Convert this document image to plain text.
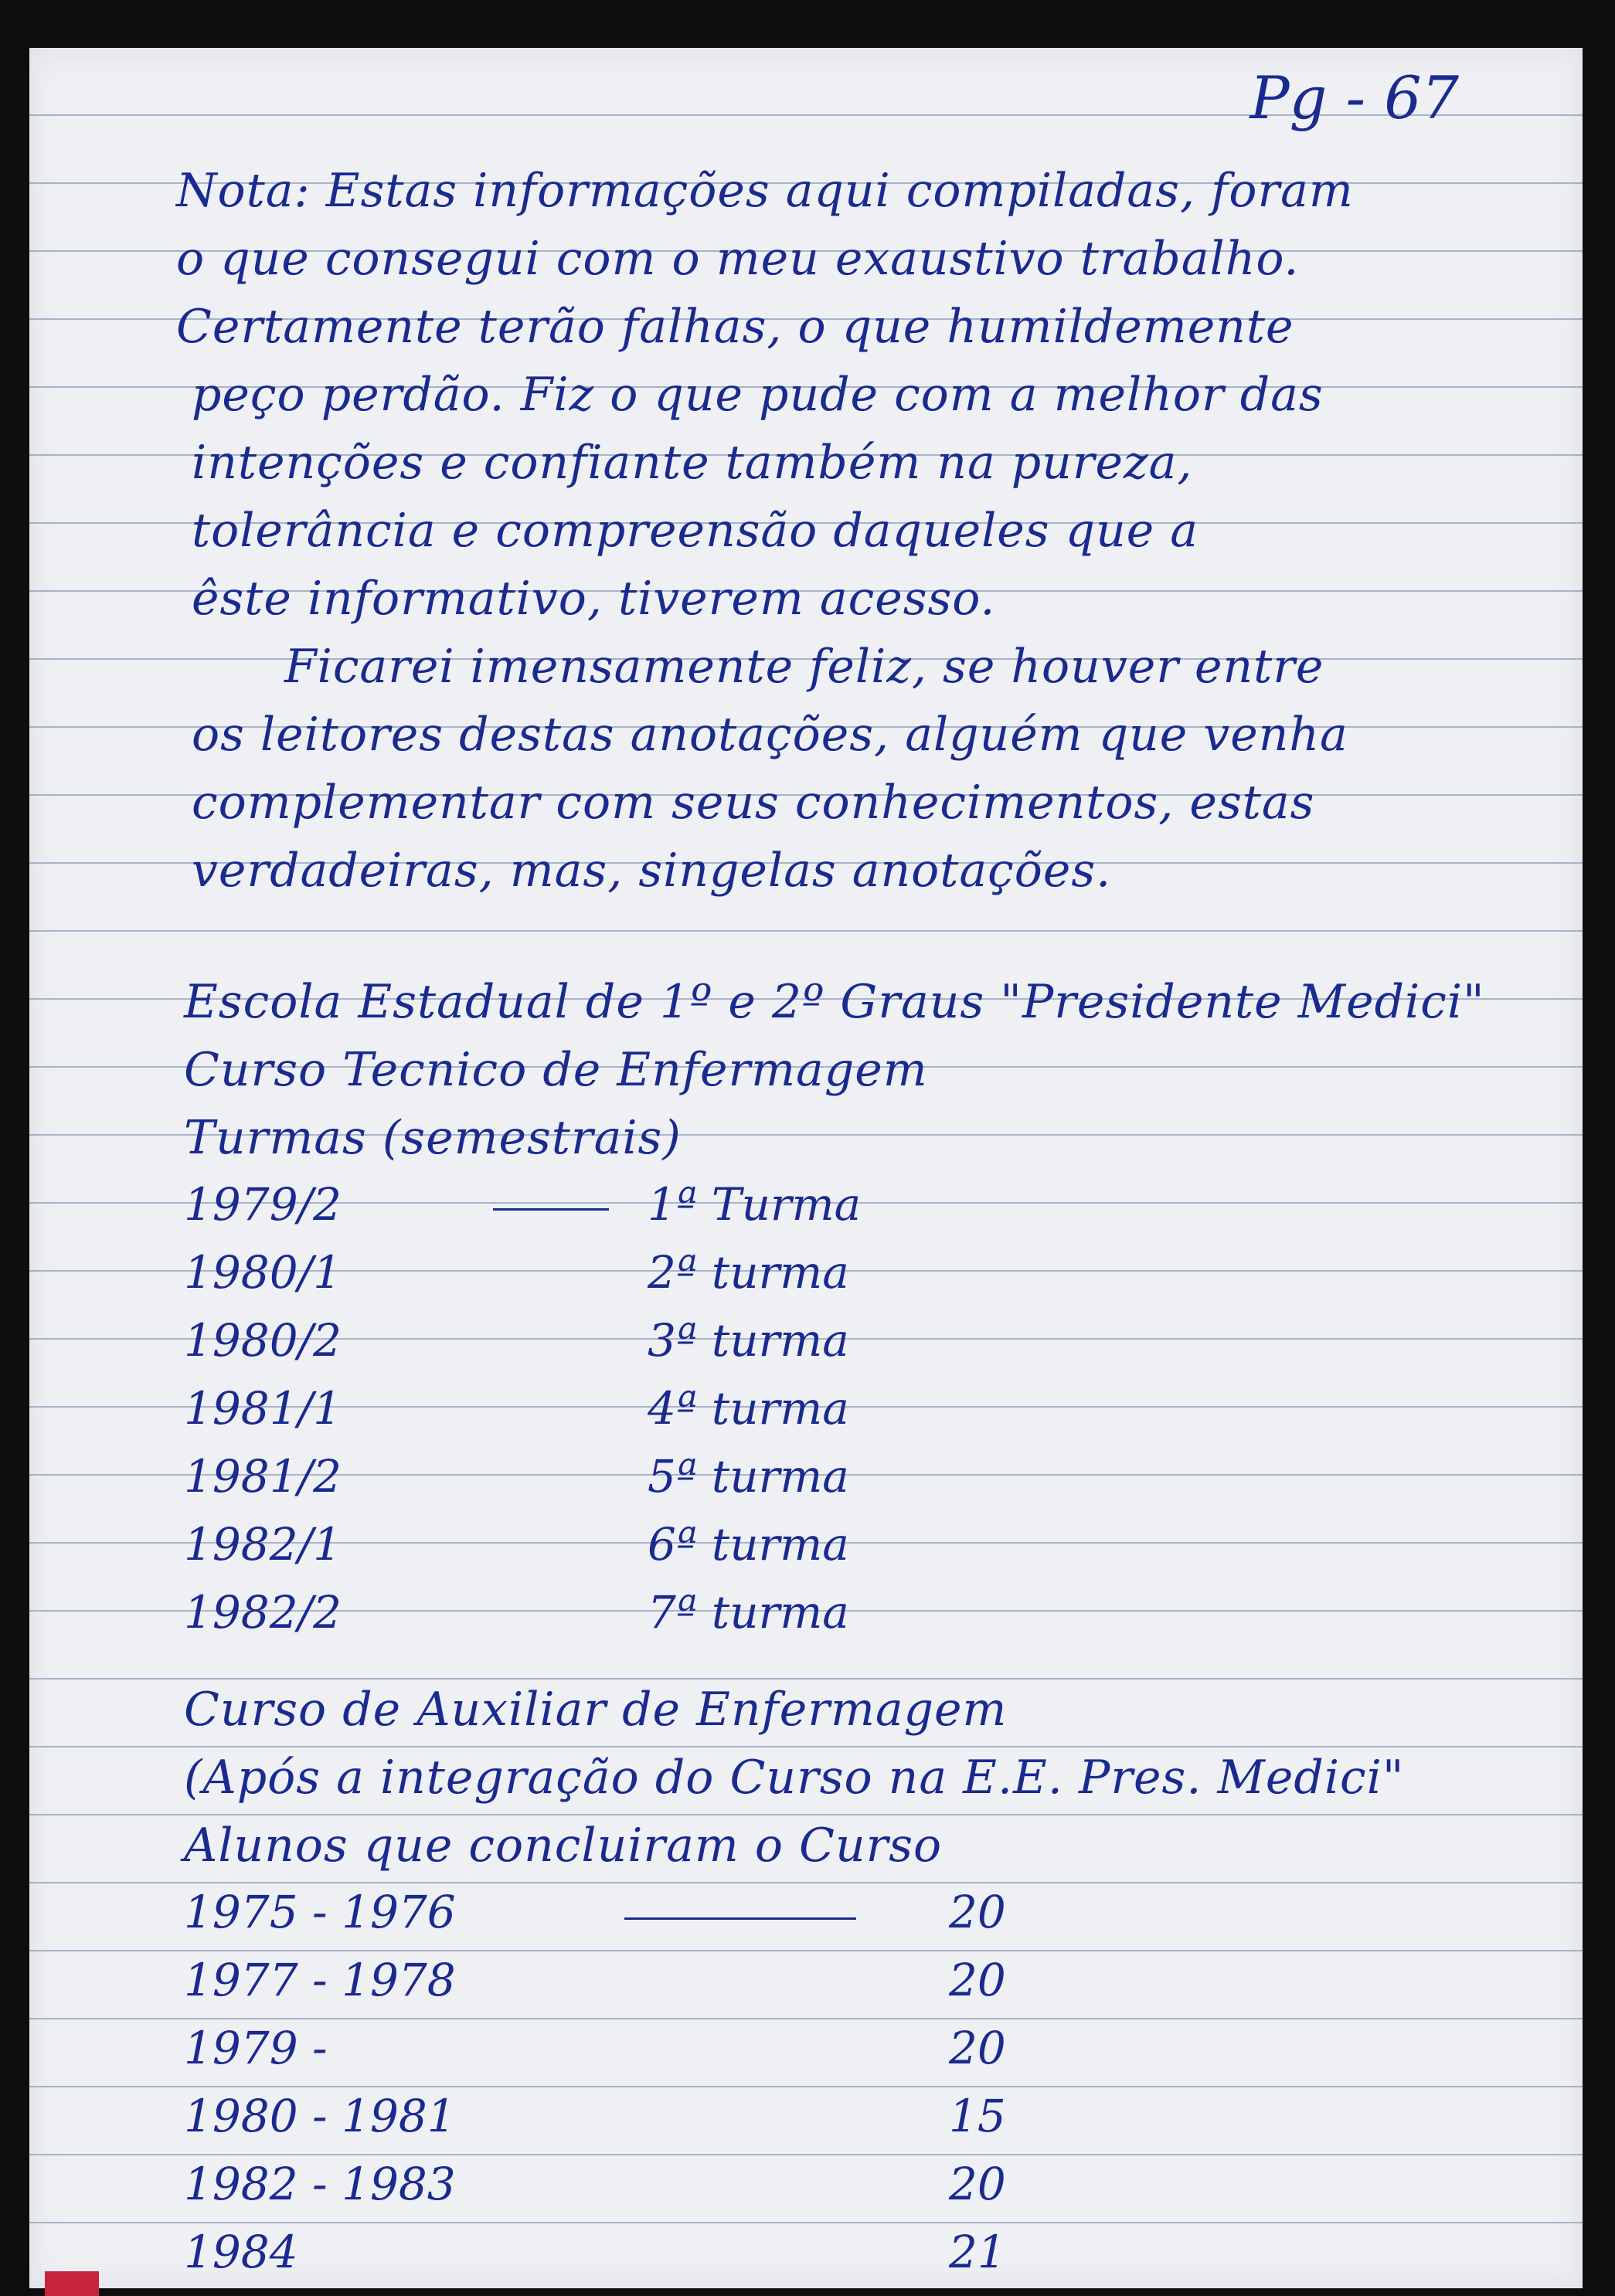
Pg - 67
Nota: Estas informações aqui compiladas, foram
o que consegui com o meu exaustivo trabalho.
Certamente terão falhas, o que humildemente
peço perdão. Fiz o que pude com a melhor das
intenções e confiante também na pureza,
tolerância e compreensão daqueles que a
êste informativo, tiverem acesso.
Ficarei imensamente feliz, se houver entre
os leitores destas anotações, alguém que venha
complementar com seus conhecimentos, estas
verdadeiras, mas, singelas anotações.
Escola Estadual de 1º e 2º Graus "Presidente Medici"
Curso Tecnico de Enfermagem
Turmas (semestrais)
1979/2	1ª Turma
1980/1	2ª turma
1980/2	3ª turma
1981/1	4ª turma
1981/2	5ª turma
1982/1	6ª turma
1982/2	7ª turma
Curso de Auxiliar de Enfermagem
(Após a integração do Curso na E.E. Pres. Medici"
Alunos que concluiram o Curso
1975 - 1976	20
1977 - 1978	20
1979 -	20
1980 - 1981	15
1982 - 1983	20
1984	21
